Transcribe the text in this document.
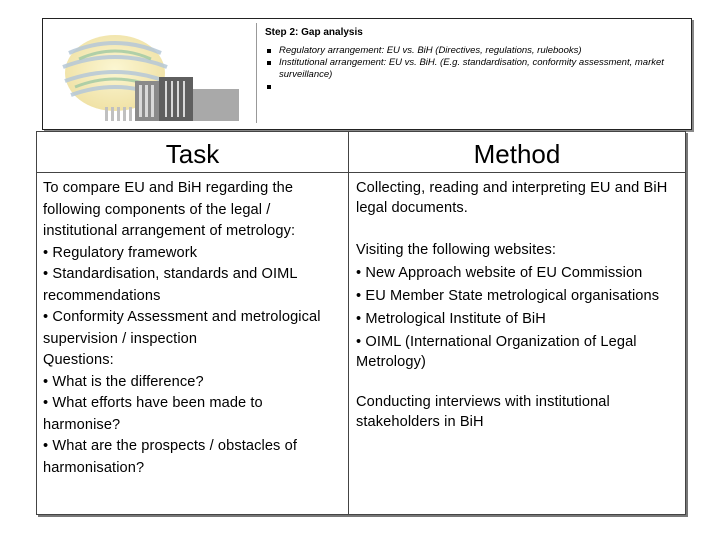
Step 2: Gap analysis
Regulatory arrangement: EU vs. BiH (Directives, regulations, rulebooks)
Institutional arrangement: EU vs. BiH. (E.g. standardisation, conformity assessment, market surveillance)
Task	Method
To compare EU and BiH regarding the following components of the legal / institutional arrangement of metrology:
• Regulatory framework
• Standardisation, standards and OIML recommendations
• Conformity Assessment and metrological supervision / inspection
Questions:
• What is the difference?
• What efforts have been made to harmonise?
• What are the prospects / obstacles of harmonisation?
Collecting, reading and interpreting EU and BiH legal documents.
Visiting the following websites:
• New Approach website of EU Commission
• EU Member State metrological organisations
• Metrological Institute of BiH
• OIML (International Organization of Legal Metrology)
Conducting interviews with institutional stakeholders in BiH
